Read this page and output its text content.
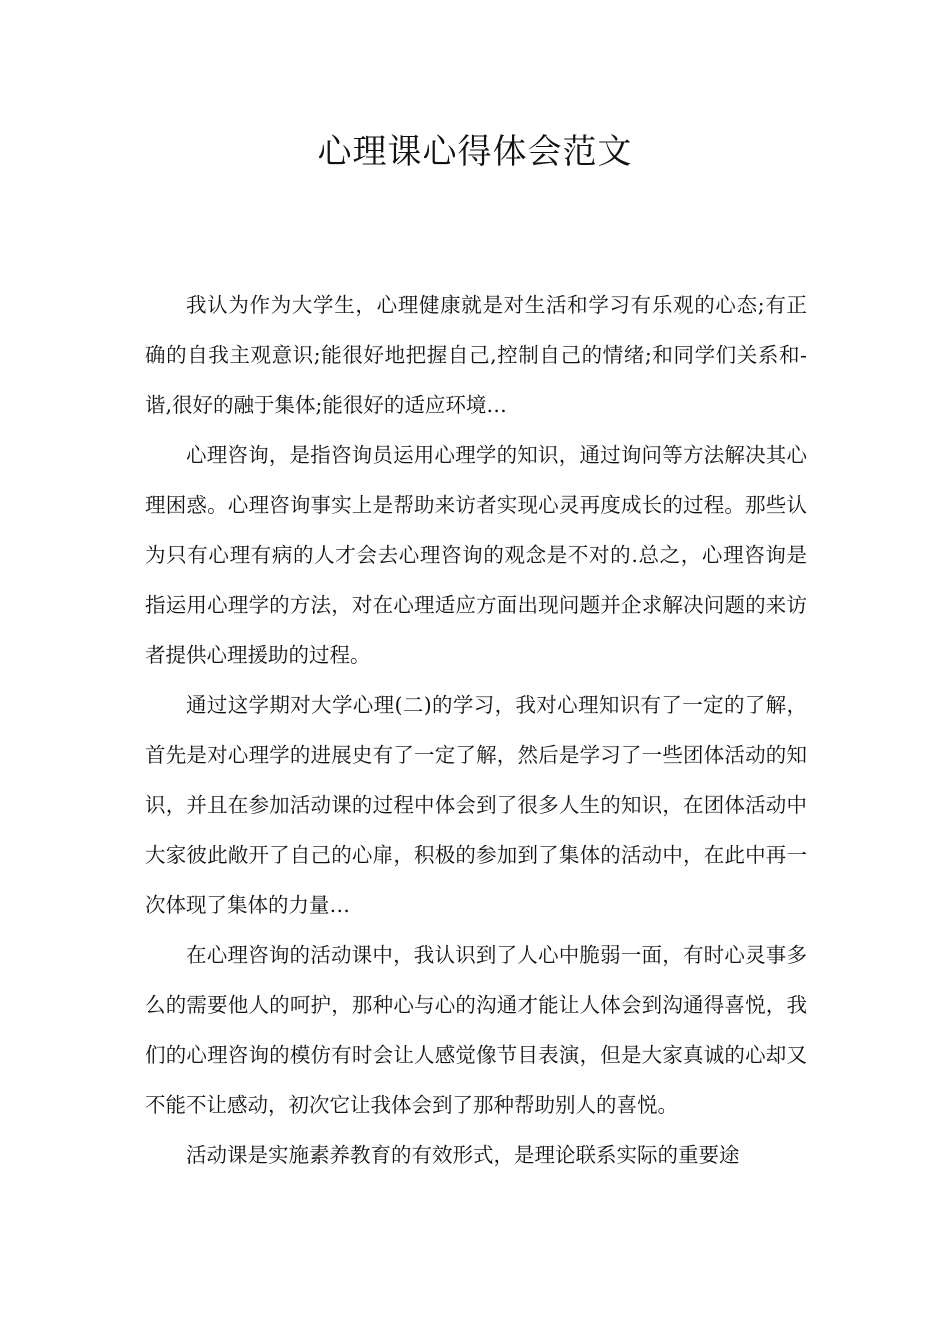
心理课心得体会范文

我认为作为大学生，心理健康就是对生活和学习有乐观的心态;有正确的自我主观意识;能很好地把握自己,控制自己的情绪;和同学们关系和-谐,很好的融于集体;能很好的适应环境…

心理咨询，是指咨询员运用心理学的知识，通过询问等方法解决其心理困惑。心理咨询事实上是帮助来访者实现心灵再度成长的过程。那些认为只有心理有病的人才会去心理咨询的观念是不对的.总之，心理咨询是指运用心理学的方法，对在心理适应方面出现问题并企求解决问题的来访者提供心理援助的过程。

通过这学期对大学心理(二)的学习，我对心理知识有了一定的了解，首先是对心理学的进展史有了一定了解，然后是学习了一些团体活动的知识，并且在参加活动课的过程中体会到了很多人生的知识，在团体活动中大家彼此敞开了自己的心扉，积极的参加到了集体的活动中，在此中再一次体现了集体的力量…

在心理咨询的活动课中，我认识到了人心中脆弱一面，有时心灵事多么的需要他人的呵护，那种心与心的沟通才能让人体会到沟通得喜悦，我们的心理咨询的模仿有时会让人感觉像节目表演，但是大家真诚的心却又不能不让感动，初次它让我体会到了那种帮助别人的喜悦。

活动课是实施素养教育的有效形式，是理论联系实际的重要途
